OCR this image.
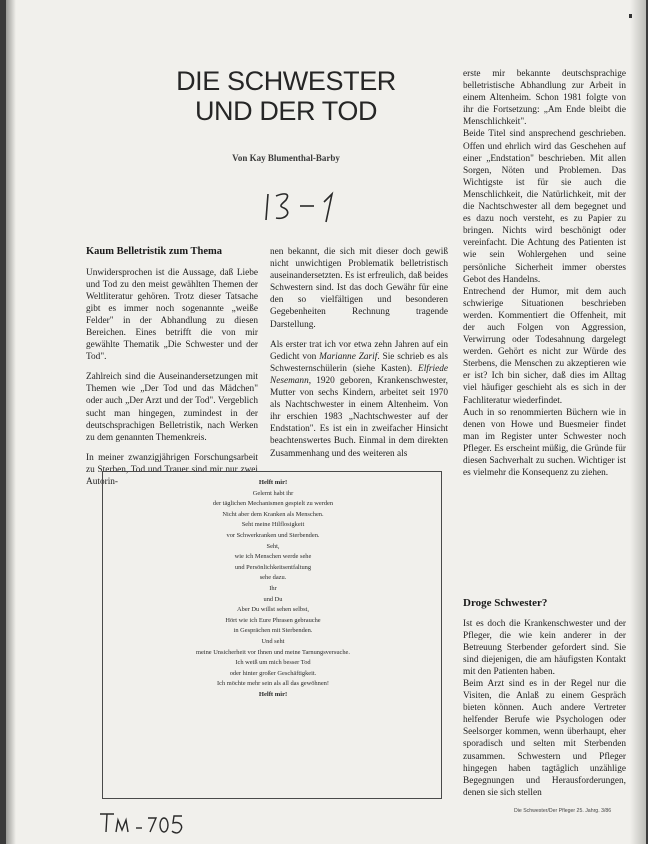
DIE SCHWESTER
UND DER TOD
Von Kay Blumenthal-Barby
Kaum Belletristik zum Thema

Unwidersprochen ist die Aussage, daß Liebe und Tod zu den meist gewählten Themen der Weltliteratur gehören. Trotz dieser Tatsache gibt es immer noch sogenannte „weiße Felder" in der Abhandlung zu diesen Bereichen. Eines betrifft die von mir gewählte Thematik „Die Schwester und der Tod".

Zahlreich sind die Auseinandersetzungen mit Themen wie „Der Tod und das Mädchen" oder auch „Der Arzt und der Tod". Vergeblich sucht man hingegen, zumindest in der deutschsprachigen Belletristik, nach Werken zu dem genannten Themenkreis.

In meiner zwanzigjährigen Forschungsarbeit zu Sterben, Tod und Trauer sind mir nur zwei Autorin-

nen bekannt, die sich mit dieser doch gewiß nicht unwichtigen Problematik belletristisch auseinandersetzten. Es ist erfreulich, daß beides Schwestern sind. Ist das doch Gewähr für eine den so vielfältigen und besonderen Gegebenheiten Rechnung tragende Darstellung.

Als erster trat ich vor etwa zehn Jahren auf ein Gedicht von Marianne Zarif. Sie schrieb es als Schwesternschülerin (siehe Kasten). Elfriede Nesemann, 1920 geboren, Krankenschwester, Mutter von sechs Kindern, arbeitet seit 1970 als Nachtschwester in einem Altenheim. Von ihr erschien 1983 „Nachtschwester auf der Endstation". Es ist ein in zweifacher Hinsicht beachtenswertes Buch. Einmal in dem direkten Zusammenhang und des weiteren als

erste mir bekannte deutschsprachige belletristische Abhandlung zur Arbeit in einem Altenheim. Schon 1981 folgte von ihr die Fortsetzung: „Am Ende bleibt die Menschlichkeit".

Beide Titel sind ansprechend geschrieben. Offen und ehrlich wird das Geschehen auf einer „Endstation" beschrieben. Mit allen Sorgen, Nöten und Problemen. Das Wichtigste ist für sie auch die Menschlichkeit, die Natürlichkeit, mit der die Nachtschwester all dem begegnet und es dazu noch versteht, es zu Papier zu bringen. Nichts wird beschönigt oder vereinfacht. Die Achtung des Patienten ist wie sein Wohlergehen und seine persönliche Sicherheit immer oberstes Gebot des Handelns.

Entrechend der Humor, mit dem auch schwierige Situationen beschrieben werden. Kommentiert die Offenheit, mit der auch Folgen von Aggression, Verwirrung oder Todesahnung dargelegt werden. Gehört es nicht zur Würde des Sterbens, die Menschen zu akzeptieren wie er ist? Ich bin sicher, daß dies im Alltag viel häufiger geschieht als es sich in der Fachliteratur wiederfindet.

Auch in so renommierten Büchern wie in denen von Howe und Buesmeier findet man im Register unter Schwester noch Pfleger. Es erscheint müßig, die Gründe für diesen Sachverhalt zu suchen. Wichtiger ist es vielmehr die Konsequenz zu ziehen.

Droge Schwester?

Ist es doch die Krankenschwester und der Pfleger, die wie kein anderer in der Betreuung Sterbender gefordert sind. Sie sind diejenigen, die am häufigsten Kontakt mit den Patienten haben.

Beim Arzt sind es in der Regel nur die Visiten, die Anlaß zu einem Gespräch bieten können. Auch andere Vertreter helfender Berufe wie Psychologen oder Seelsorger kommen, wenn überhaupt, eher sporadisch und selten mit Sterbenden zusammen. Schwestern und Pfleger hingegen haben tagtäglich unzählige Begegnungen und Herausforderungen, denen sie sich stellen

Helft mir!
Gelernt habt ihr
der täglichen Mechanismen gespielt zu werden
Nicht aber dem Kranken als Menschen.
Seht meine Hilflosigkeit
vor Schwerkranken und Sterbenden.
Seht,
wie ich Menschen werde sehe
und Persönlichkeitsentfaltung
sehe dazu.
Ihr
und Du
Aber Du willst sehen selbst,
Hört wie ich Eure Phrasen gebrauche
in Gesprächen mit Sterbenden.
Und seht
meine Unsicherheit vor Ihnen und meine Tarnungsversuche.
Ich weiß um mich besser Tod
oder hinter großer Geschäftigkeit.
Ich möchte mehr sein als all das gewöhnen!
Helft mir!
Die Schwester/Der Pfleger 25. Jahrg. 3/86
